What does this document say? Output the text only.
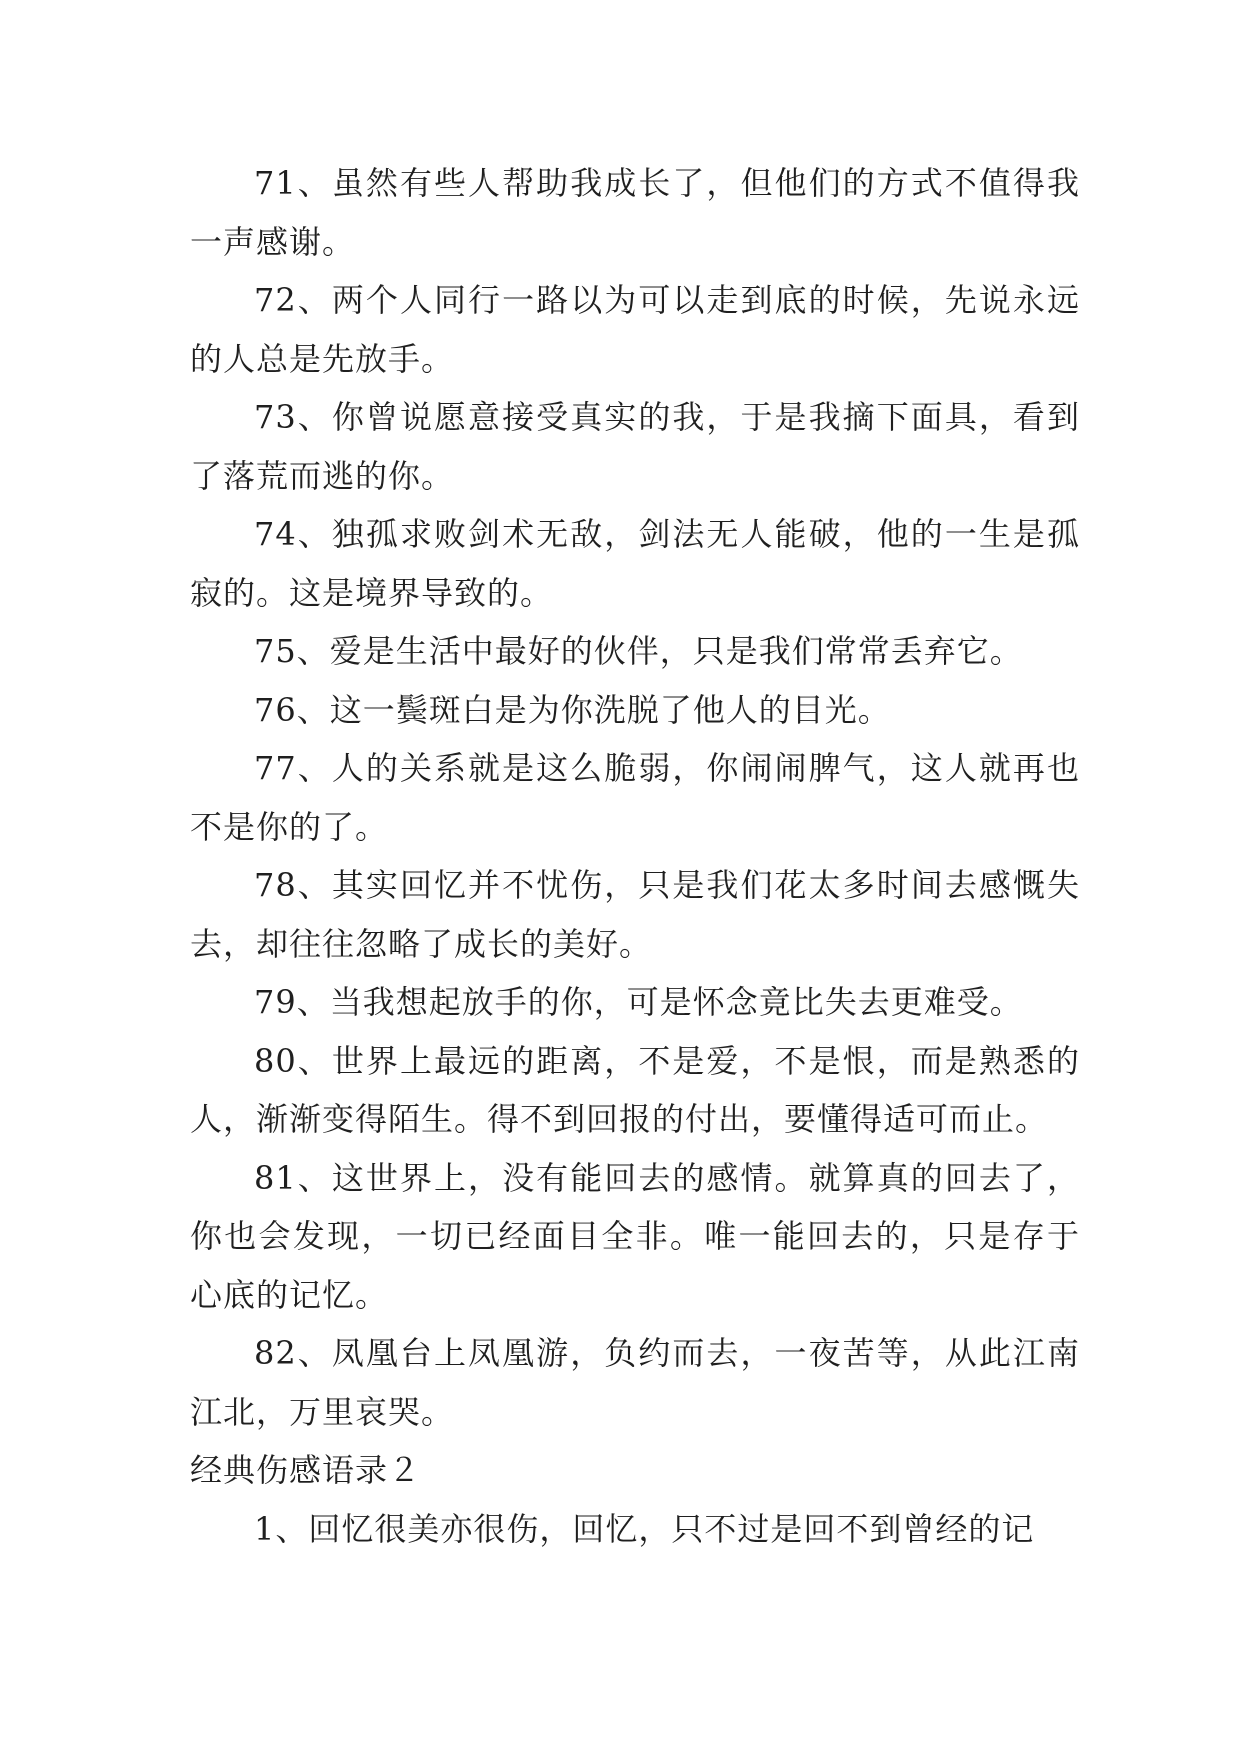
71、虽然有些人帮助我成长了，但他们的方式不值得我一声感谢。

72、两个人同行一路以为可以走到底的时候，先说永远的人总是先放手。

73、你曾说愿意接受真实的我，于是我摘下面具，看到了落荒而逃的你。

74、独孤求败剑术无敌，剑法无人能破，他的一生是孤寂的。这是境界导致的。

75、爱是生活中最好的伙伴，只是我们常常丢弃它。

76、这一鬓斑白是为你洗脱了他人的目光。

77、人的关系就是这么脆弱，你闹闹脾气，这人就再也不是你的了。

78、其实回忆并不忧伤，只是我们花太多时间去感慨失去，却往往忽略了成长的美好。

79、当我想起放手的你，可是怀念竟比失去更难受。

80、世界上最远的距离，不是爱，不是恨，而是熟悉的人，渐渐变得陌生。得不到回报的付出，要懂得适可而止。

81、这世界上，没有能回去的感情。就算真的回去了，你也会发现，一切已经面目全非。唯一能回去的，只是存于心底的记忆。

82、凤凰台上凤凰游，负约而去，一夜苦等，从此江南江北，万里哀哭。

经典伤感语录２

1、回忆很美亦很伤，回忆，只不过是回不到曾经的记
